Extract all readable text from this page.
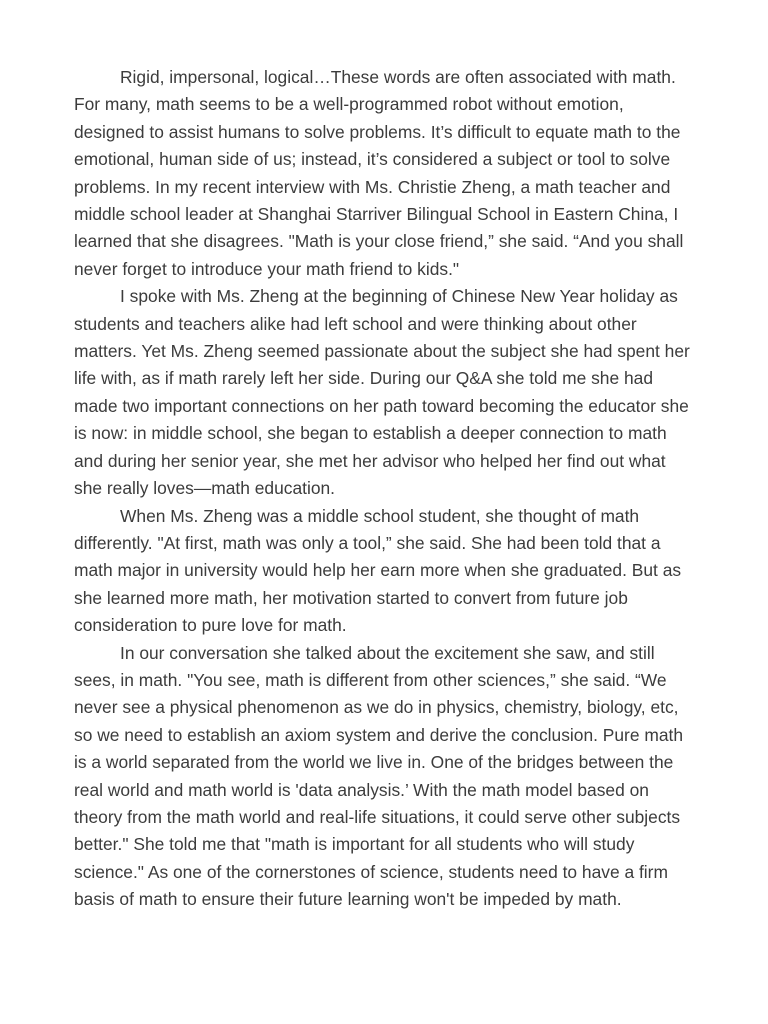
Rigid, impersonal, logical…These words are often associated with math. For many, math seems to be a well-programmed robot without emotion, designed to assist humans to solve problems. It’s difficult to equate math to the emotional, human side of us; instead, it’s considered a subject or tool to solve problems. In my recent interview with Ms. Christie Zheng, a math teacher and middle school leader at Shanghai Starriver Bilingual School in Eastern China, I learned that she disagrees. "Math is your close friend,” she said. “And you shall never forget to introduce your math friend to kids."

I spoke with Ms. Zheng at the beginning of Chinese New Year holiday as students and teachers alike had left school and were thinking about other matters. Yet Ms. Zheng seemed passionate about the subject she had spent her life with, as if math rarely left her side. During our Q&A she told me she had made two important connections on her path toward becoming the educator she is now: in middle school, she began to establish a deeper connection to math and during her senior year, she met her advisor who helped her find out what she really loves—math education.

When Ms. Zheng was a middle school student, she thought of math differently. "At first, math was only a tool,” she said. She had been told that a math major in university would help her earn more when she graduated. But as she learned more math, her motivation started to convert from future job consideration to pure love for math.

In our conversation she talked about the excitement she saw, and still sees, in math. "You see, math is different from other sciences,” she said. “We never see a physical phenomenon as we do in physics, chemistry, biology, etc, so we need to establish an axiom system and derive the conclusion. Pure math is a world separated from the world we live in. One of the bridges between the real world and math world is 'data analysis.’ With the math model based on theory from the math world and real-life situations, it could serve other subjects better." She told me that "math is important for all students who will study science." As one of the cornerstones of science, students need to have a firm basis of math to ensure their future learning won't be impeded by math.
